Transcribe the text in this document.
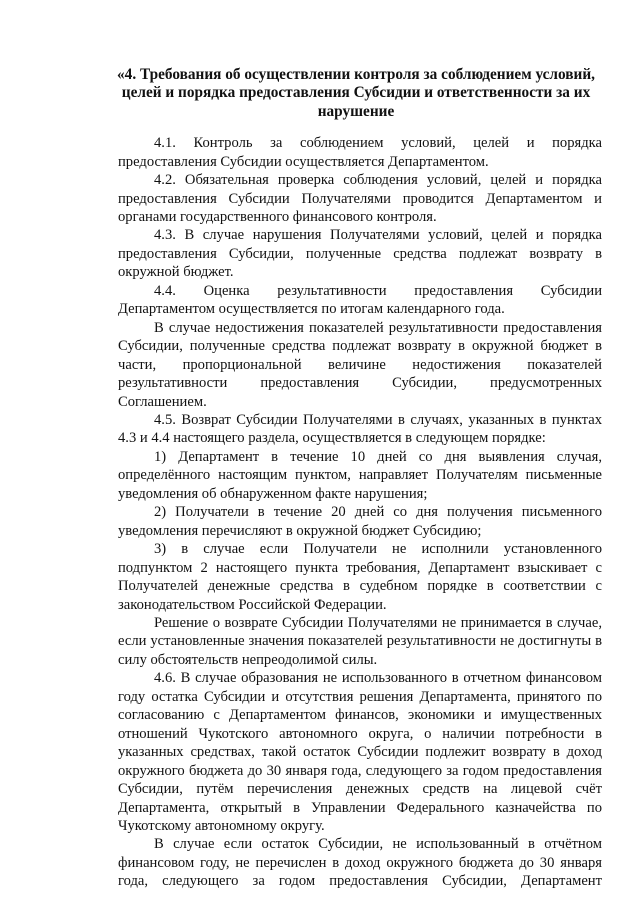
«4. Требования об осуществлении контроля за соблюдением условий,
целей и порядка предоставления Субсидии и ответственности за их
нарушение
4.1. Контроль за соблюдением условий, целей и порядка
предоставления Субсидии осуществляется Департаментом.
4.2. Обязательная проверка соблюдения условий, целей и порядка
предоставления Субсидии Получателями проводится Департаментом и
органами государственного финансового контроля.
4.3. В случае нарушения Получателями условий, целей и порядка
предоставления Субсидии, полученные средства подлежат возврату в
окружной бюджет.
4.4. Оценка результативности предоставления Субсидии
Департаментом осуществляется по итогам календарного года.
В случае недостижения показателей результативности предоставления
Субсидии, полученные средства подлежат возврату в окружной бюджет в
части, пропорциональной величине недостижения показателей
результативности предоставления Субсидии, предусмотренных Соглашением.
4.5. Возврат Субсидии Получателями в случаях, указанных в пунктах
4.3 и 4.4 настоящего раздела, осуществляется в следующем порядке:
1) Департамент в течение 10 дней со дня выявления случая,
определённого настоящим пунктом, направляет Получателям письменные
уведомления об обнаруженном факте нарушения;
2) Получатели в течение 20 дней со дня получения письменного
уведомления перечисляют в окружной бюджет Субсидию;
3) в случае если Получатели не исполнили установленного
подпунктом 2 настоящего пункта требования, Департамент взыскивает с
Получателей денежные средства в судебном порядке в соответствии с
законодательством Российской Федерации.
Решение о возврате Субсидии Получателями не принимается в случае,
если установленные значения показателей результативности не достигнуты в
силу обстоятельств непреодолимой силы.
4.6. В случае образования не использованного в отчетном финансовом
году остатка Субсидии и отсутствия решения Департамента, принятого по
согласованию с Департаментом финансов, экономики и имущественных
отношений Чукотского автономного округа, о наличии потребности в
указанных средствах, такой остаток Субсидии подлежит возврату в доход
окружного бюджета до 30 января года, следующего за годом предоставления
Субсидии, путём перечисления денежных средств на лицевой счёт
Департамента, открытый в Управлении Федерального казначейства по
Чукотскому автономному округу.
В случае если остаток Субсидии, не использованный в отчётном
финансовом году, не перечислен в доход окружного бюджета до 30 января
года, следующего за годом предоставления Субсидии, Департамент
